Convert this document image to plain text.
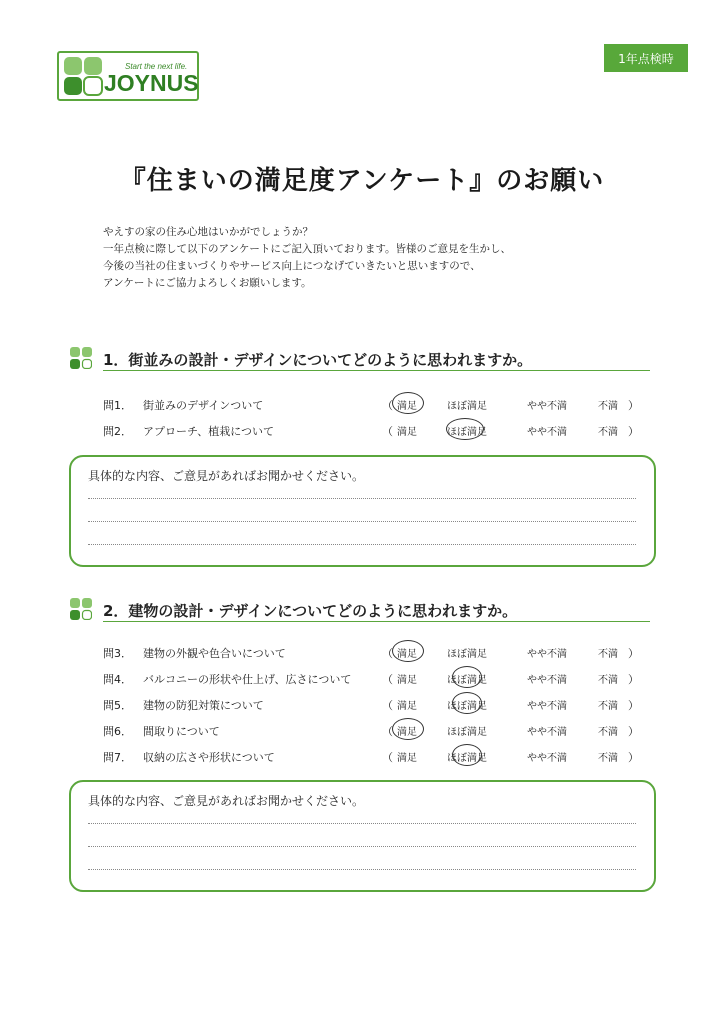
Start the next life.
JOYNUS
1年点検時
『住まいの満足度アンケート』のお願い
やえすの家の住み心地はいかがでしょうか？
一年点検に際して以下のアンケートにご記入頂いております。皆様のご意見を生かし、
今後の当社の住まいづくりやサービス向上につなげていきたいと思いますので、
アンケートにご協力よろしくお願いします。
1．街並みの設計・デザインについてどのように思われますか。
問1． 街並みのデザインついて	（ 満足	ほぼ満足	やや不満	不満 ）
問2． アプローチ、植栽について	（ 満足	ほぼ満足	やや不満	不満 ）
具体的な内容、ご意見があればお聞かせください。
2．建物の設計・デザインについてどのように思われますか。
問3． 建物の外観や色合いについて	（ 満足	ほぼ満足	やや不満	不満 ）
問4． バルコニーの形状や仕上げ、広さについて	（ 満足	ほぼ満足	やや不満	不満 ）
問5． 建物の防犯対策について	（ 満足	ほぼ満足	やや不満	不満 ）
問6． 間取りについて	（ 満足	ほぼ満足	やや不満	不満 ）
問7． 収納の広さや形状について	（ 満足	ほぼ満足	やや不満	不満 ）
具体的な内容、ご意見があればお聞かせください。
